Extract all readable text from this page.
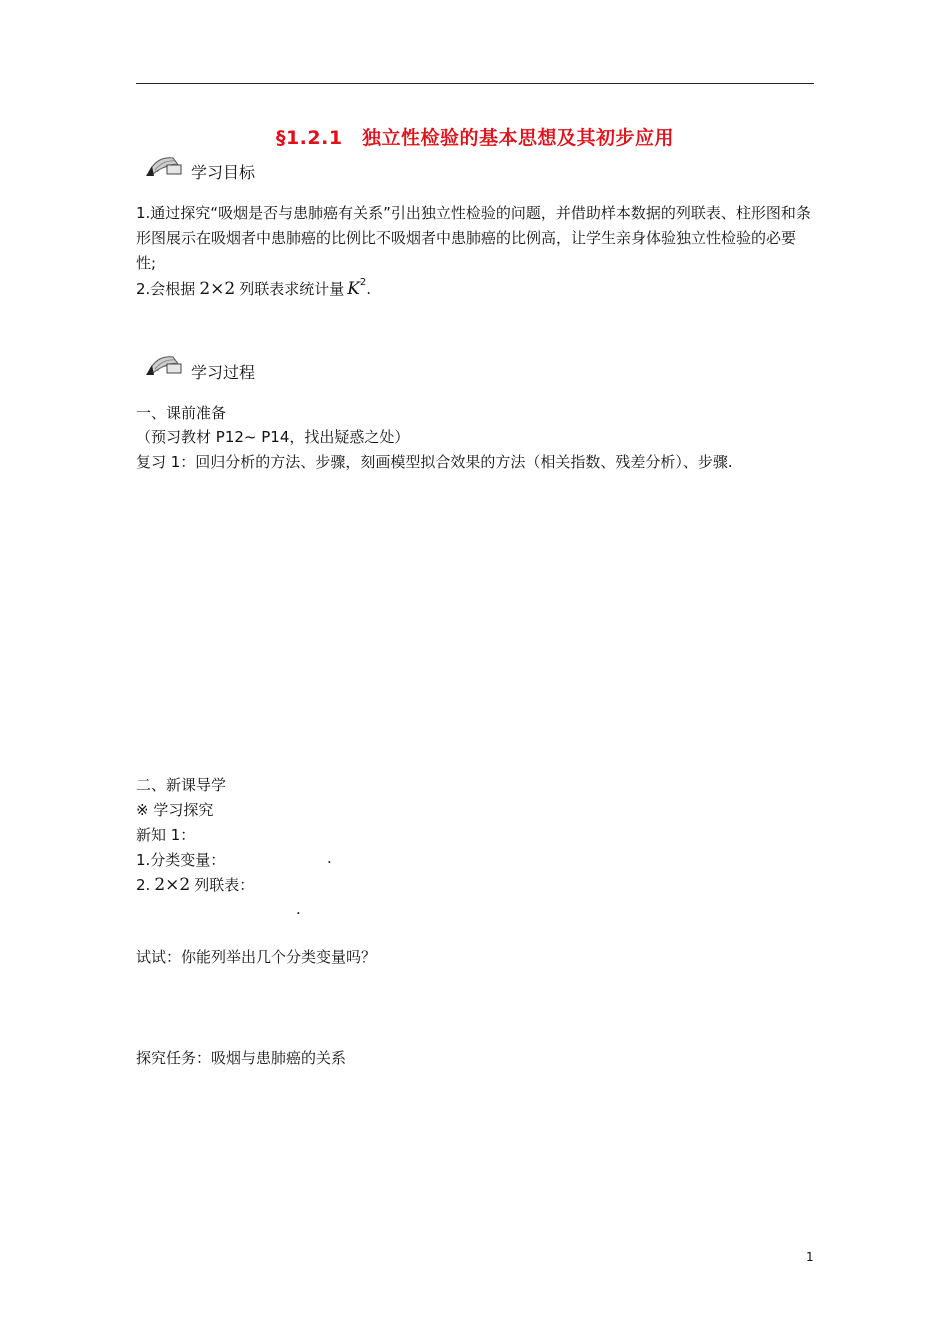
§1.2.1　独立性检验的基本思想及其初步应用
学习目标
1.通过探究“吸烟是否与患肺癌有关系”引出独立性检验的问题，并借助样本数据的列联表、柱形图和条形图展示在吸烟者中患肺癌的比例比不吸烟者中患肺癌的比例高，让学生亲身体验独立性检验的必要性;
2.会根据 2×2 列联表求统计量 $K^2$.
学习过程
一、课前准备
（预习教材 P12~ P14，找出疑惑之处）
复习 1：回归分析的方法、步骤，刻画模型拟合效果的方法（相关指数、残差分析）、步骤.
二、新课导学
※ 学习探究
新知 1：
1.分类变量：	.
2. 2×2 列联表：
.
试试：你能列举出几个分类变量吗？
探究任务：吸烟与患肺癌的关系
1
